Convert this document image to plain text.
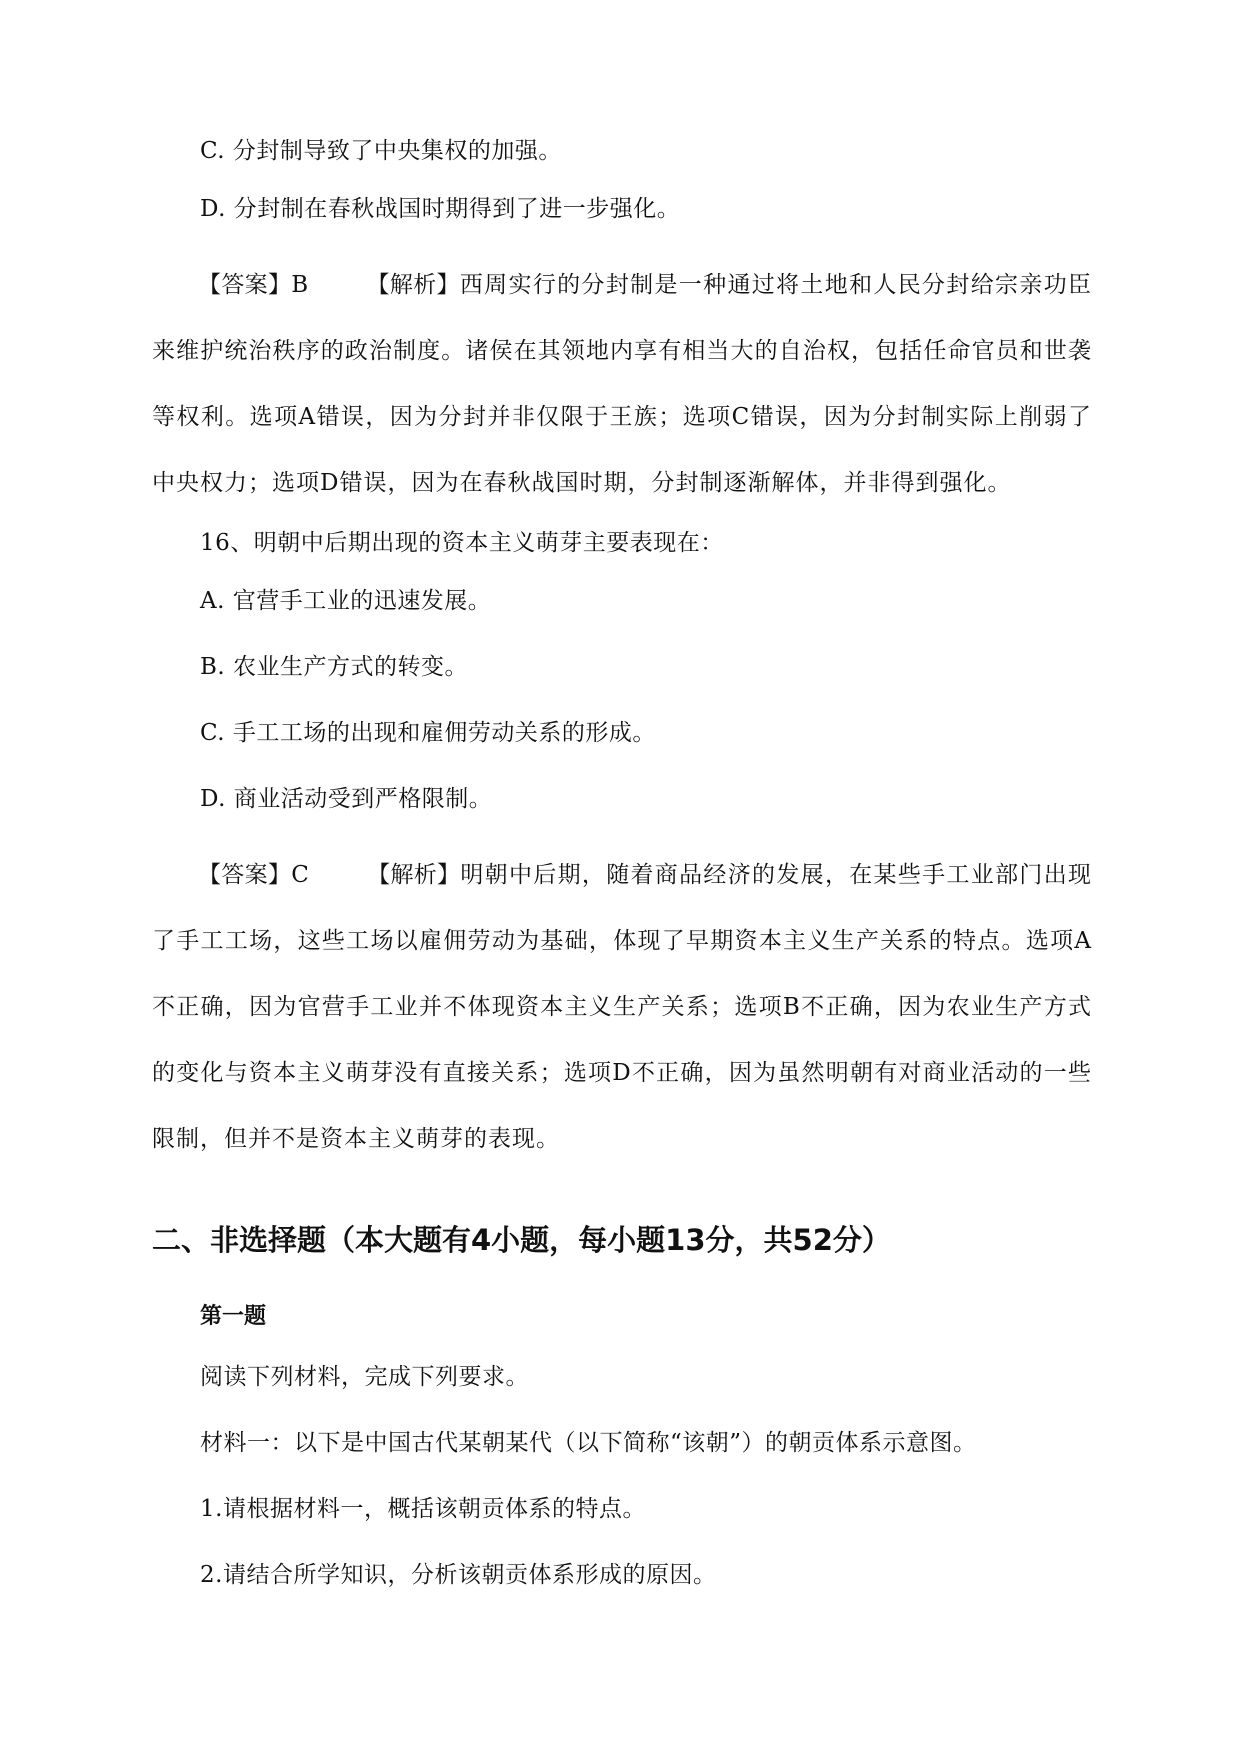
C. 分封制导致了中央集权的加强。
D. 分封制在春秋战国时期得到了进一步强化。
【答案】B	【解析】西周实行的分封制是一种通过将土地和人民分封给宗亲功臣来维护统治秩序的政治制度。诸侯在其领地内享有相当大的自治权，包括任命官员和世袭等权利。选项A错误，因为分封并非仅限于王族；选项C错误，因为分封制实际上削弱了中央权力；选项D错误，因为在春秋战国时期，分封制逐渐解体，并非得到强化。
16、明朝中后期出现的资本主义萌芽主要表现在：
A. 官营手工业的迅速发展。
B. 农业生产方式的转变。
C. 手工工场的出现和雇佣劳动关系的形成。
D. 商业活动受到严格限制。
【答案】C	【解析】明朝中后期，随着商品经济的发展，在某些手工业部门出现了手工工场，这些工场以雇佣劳动为基础，体现了早期资本主义生产关系的特点。选项A不正确，因为官营手工业并不体现资本主义生产关系；选项B不正确，因为农业生产方式的变化与资本主义萌芽没有直接关系；选项D不正确，因为虽然明朝有对商业活动的一些限制，但并不是资本主义萌芽的表现。
二、非选择题（本大题有4小题，每小题13分，共52分）
第一题
阅读下列材料，完成下列要求。
材料一：以下是中国古代某朝某代（以下简称“该朝”）的朝贡体系示意图。
1.请根据材料一，概括该朝贡体系的特点。
2.请结合所学知识，分析该朝贡体系形成的原因。
